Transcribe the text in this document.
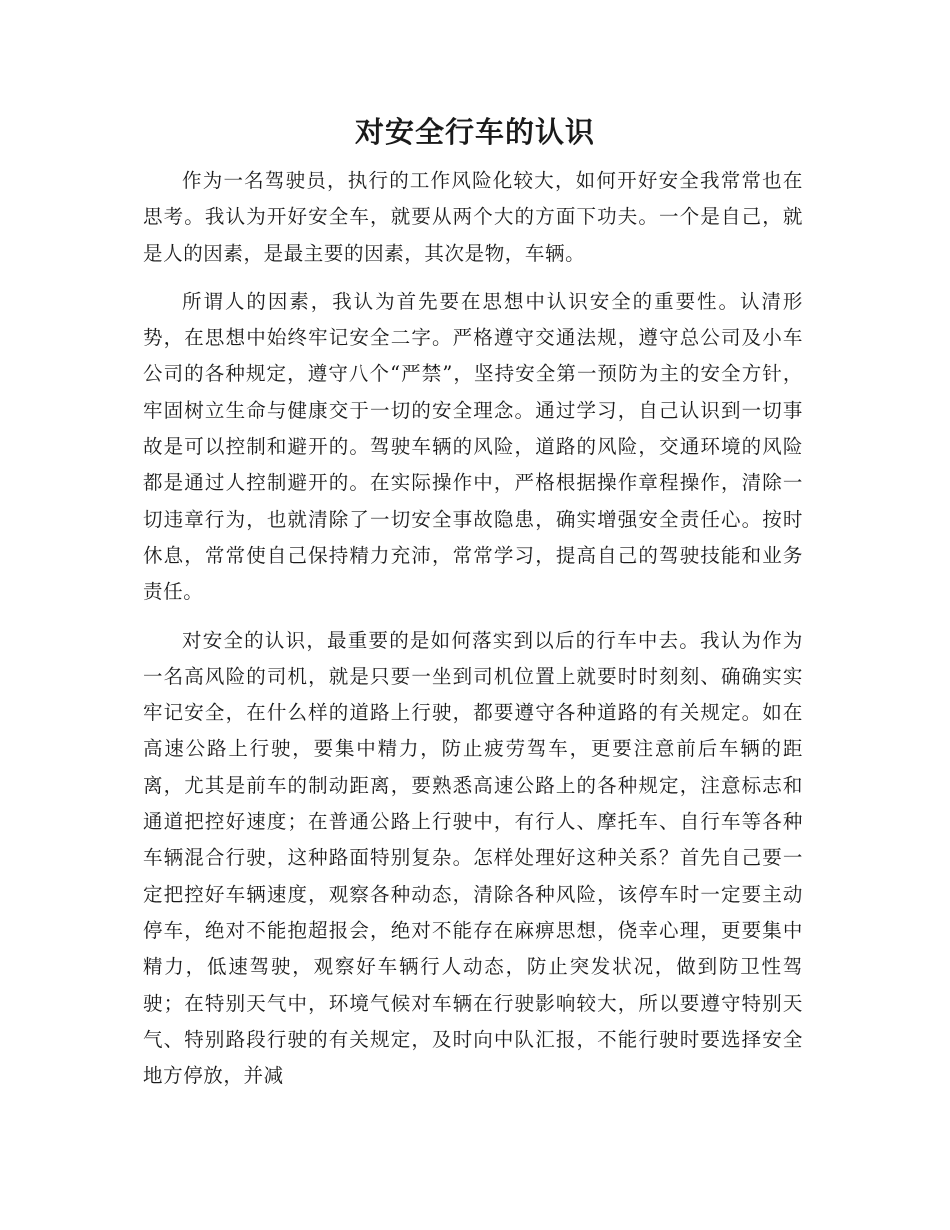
对安全行车的认识

作为一名驾驶员，执行的工作风险化较大，如何开好安全我常常也在思考。我认为开好安全车，就要从两个大的方面下功夫。一个是自己，就是人的因素，是最主要的因素，其次是物，车辆。

所谓人的因素，我认为首先要在思想中认识安全的重要性。认清形势，在思想中始终牢记安全二字。严格遵守交通法规，遵守总公司及小车公司的各种规定，遵守八个“严禁”，坚持安全第一预防为主的安全方针，牢固树立生命与健康交于一切的安全理念。通过学习，自己认识到一切事故是可以控制和避开的。驾驶车辆的风险，道路的风险，交通环境的风险都是通过人控制避开的。在实际操作中，严格根据操作章程操作，清除一切违章行为，也就清除了一切安全事故隐患，确实增强安全责任心。按时休息，常常使自己保持精力充沛，常常学习，提高自己的驾驶技能和业务责任。

对安全的认识，最重要的是如何落实到以后的行车中去。我认为作为一名高风险的司机，就是只要一坐到司机位置上就要时时刻刻、确确实实牢记安全，在什么样的道路上行驶，都要遵守各种道路的有关规定。如在高速公路上行驶，要集中精力，防止疲劳驾车，更要注意前后车辆的距离，尤其是前车的制动距离，要熟悉高速公路上的各种规定，注意标志和通道把控好速度；在普通公路上行驶中，有行人、摩托车、自行车等各种车辆混合行驶，这种路面特别复杂。怎样处理好这种关系？首先自己要一定把控好车辆速度，观察各种动态，清除各种风险，该停车时一定要主动停车，绝对不能抱超报会，绝对不能存在麻痹思想，侥幸心理，更要集中精力，低速驾驶，观察好车辆行人动态，防止突发状况，做到防卫性驾驶；在特别天气中，环境气候对车辆在行驶影响较大，所以要遵守特别天气、特别路段行驶的有关规定，及时向中队汇报，不能行驶时要选择安全地方停放，并减
